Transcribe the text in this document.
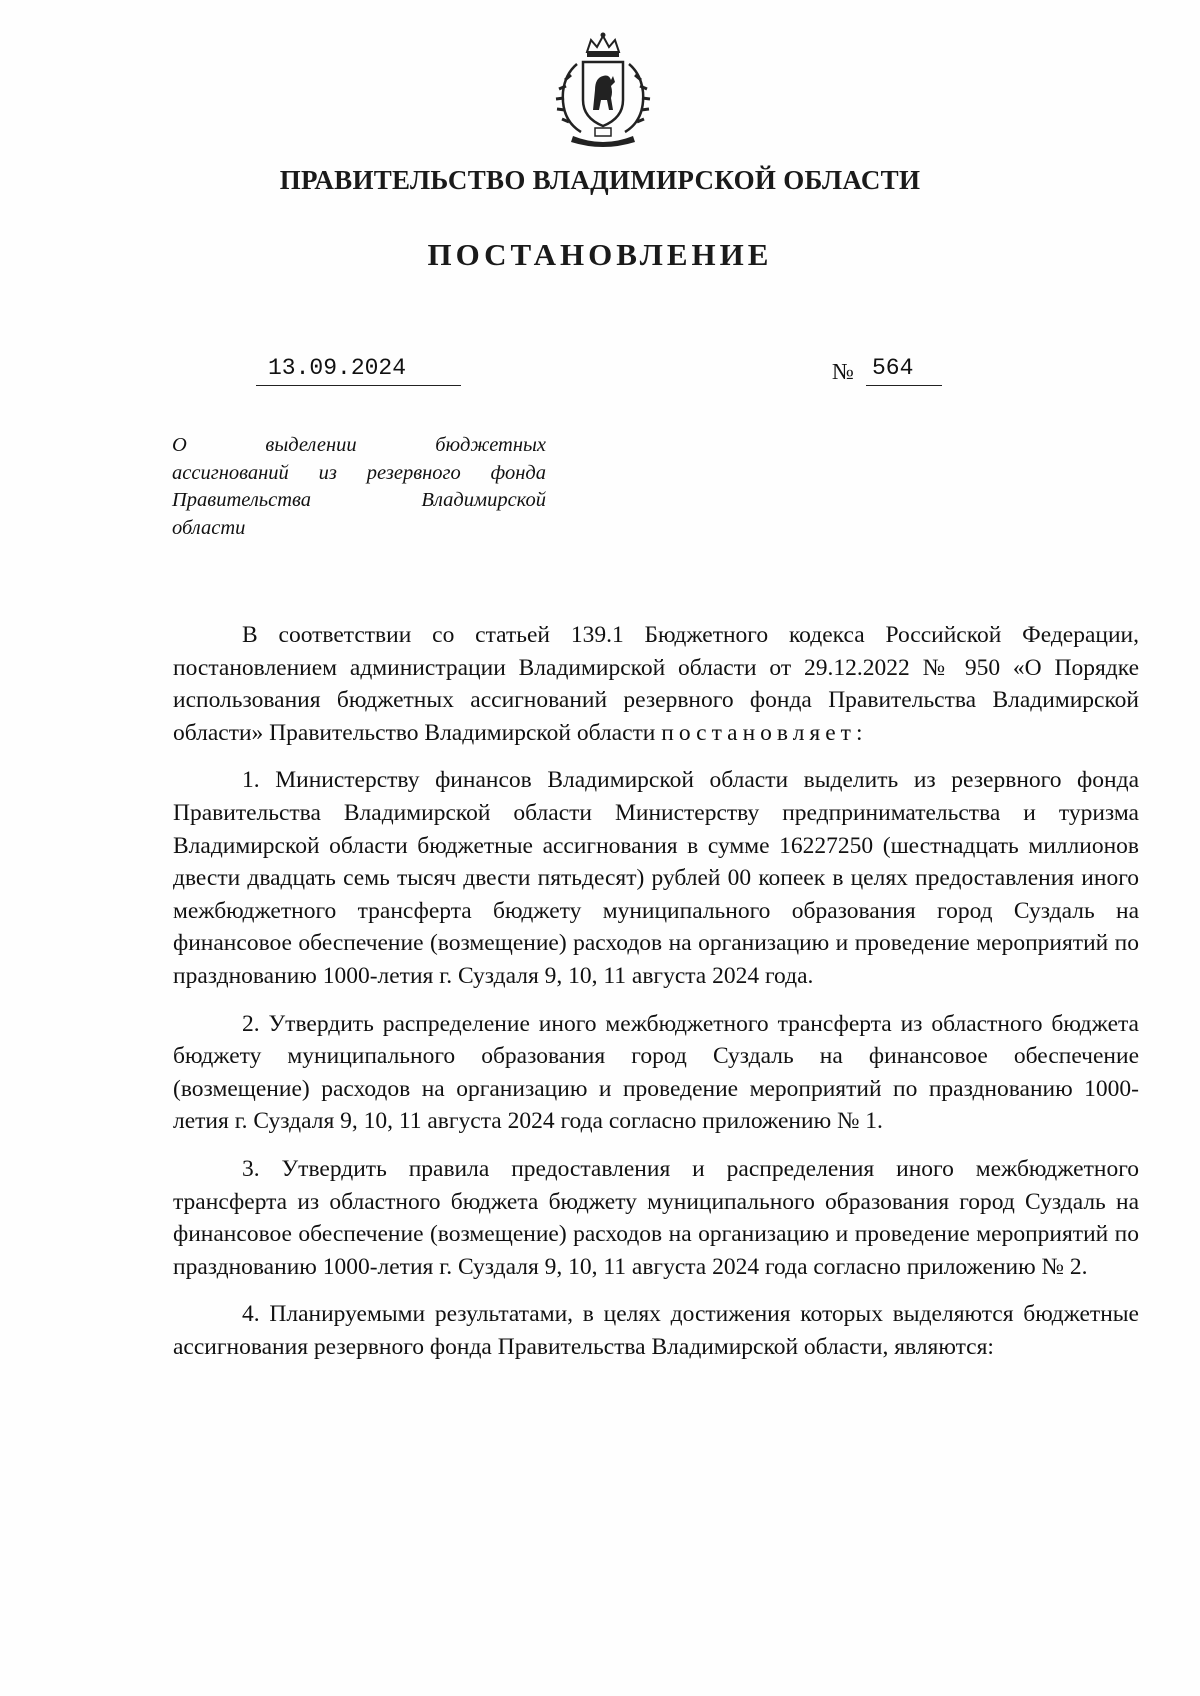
ПРАВИТЕЛЬСТВО ВЛАДИМИРСКОЙ ОБЛАСТИ
ПОСТАНОВЛЕНИЕ
13.09.2024	№ 564
О выделении бюджетных
ассигнований из резервного фонда
Правительства Владимирской
области

В соответствии со статьей 139.1 Бюджетного кодекса Российской Федерации, постановлением администрации Владимирской области от 29.12.2022 № 950 «О Порядке использования бюджетных ассигнований резервного фонда Правительства Владимирской области» Правительство Владимирской области постановляет:

1. Министерству финансов Владимирской области выделить из резервного фонда Правительства Владимирской области Министерству предпринимательства и туризма Владимирской области бюджетные ассигнования в сумме 16227250 (шестнадцать миллионов двести двадцать семь тысяч двести пятьдесят) рублей 00 копеек в целях предоставления иного межбюджетного трансферта бюджету муниципального образования город Суздаль на финансовое обеспечение (возмещение) расходов на организацию и проведение мероприятий по празднованию 1000-летия г. Суздаля 9, 10, 11 августа 2024 года.

2. Утвердить распределение иного межбюджетного трансферта из областного бюджета бюджету муниципального образования город Суздаль на финансовое обеспечение (возмещение) расходов на организацию и проведение мероприятий по празднованию 1000-летия г. Суздаля 9, 10, 11 августа 2024 года согласно приложению № 1.

3. Утвердить правила предоставления и распределения иного межбюджетного трансферта из областного бюджета бюджету муниципального образования город Суздаль на финансовое обеспечение (возмещение) расходов на организацию и проведение мероприятий по празднованию 1000-летия г. Суздаля 9, 10, 11 августа 2024 года согласно приложению № 2.

4. Планируемыми результатами, в целях достижения которых выделяются бюджетные ассигнования резервного фонда Правительства Владимирской области, являются:
